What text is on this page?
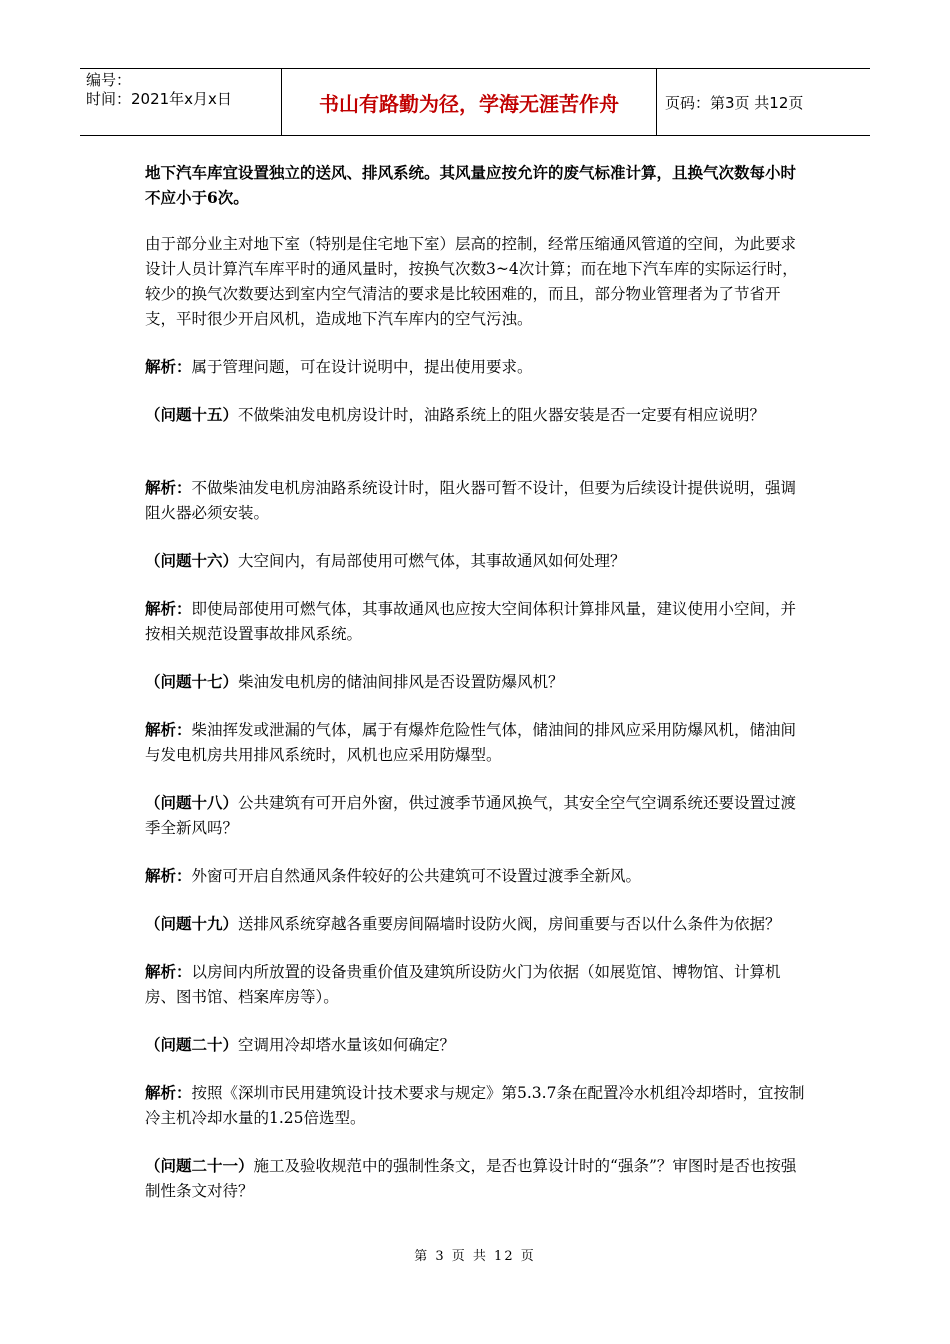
编号：
时间：2021年x月x日	书山有路勤为径，学海无涯苦作舟	页码：第3页 共12页

地下汽车库宜设置独立的送风、排风系统。其风量应按允许的废气标准计算，且换气次数每小时不应小于6次。

由于部分业主对地下室（特别是住宅地下室）层高的控制，经常压缩通风管道的空间，为此要求设计人员计算汽车库平时的通风量时，按换气次数3~4次计算；而在地下汽车库的实际运行时，较少的换气次数要达到室内空气清洁的要求是比较困难的，而且，部分物业管理者为了节省开支，平时很少开启风机，造成地下汽车库内的空气污浊。

解析：属于管理问题，可在设计说明中，提出使用要求。

（问题十五）不做柴油发电机房设计时，油路系统上的阻火器安装是否一定要有相应说明？

解析：不做柴油发电机房油路系统设计时，阻火器可暂不设计，但要为后续设计提供说明，强调阻火器必须安装。

（问题十六）大空间内，有局部使用可燃气体，其事故通风如何处理？

解析：即使局部使用可燃气体，其事故通风也应按大空间体积计算排风量，建议使用小空间，并按相关规范设置事故排风系统。

（问题十七）柴油发电机房的储油间排风是否设置防爆风机？

解析：柴油挥发或泄漏的气体，属于有爆炸危险性气体，储油间的排风应采用防爆风机，储油间与发电机房共用排风系统时，风机也应采用防爆型。

（问题十八）公共建筑有可开启外窗，供过渡季节通风换气，其安全空气空调系统还要设置过渡季全新风吗？

解析：外窗可开启自然通风条件较好的公共建筑可不设置过渡季全新风。

（问题十九）送排风系统穿越各重要房间隔墙时设防火阀，房间重要与否以什么条件为依据？

解析：以房间内所放置的设备贵重价值及建筑所设防火门为依据（如展览馆、博物馆、计算机房、图书馆、档案库房等）。

（问题二十）空调用冷却塔水量该如何确定？

解析：按照《深圳市民用建筑设计技术要求与规定》第5.3.7条在配置冷水机组冷却塔时，宜按制冷主机冷却水量的1.25倍选型。

（问题二十一）施工及验收规范中的强制性条文，是否也算设计时的“强条”？审图时是否也按强制性条文对待？

第 3 页 共 12 页
